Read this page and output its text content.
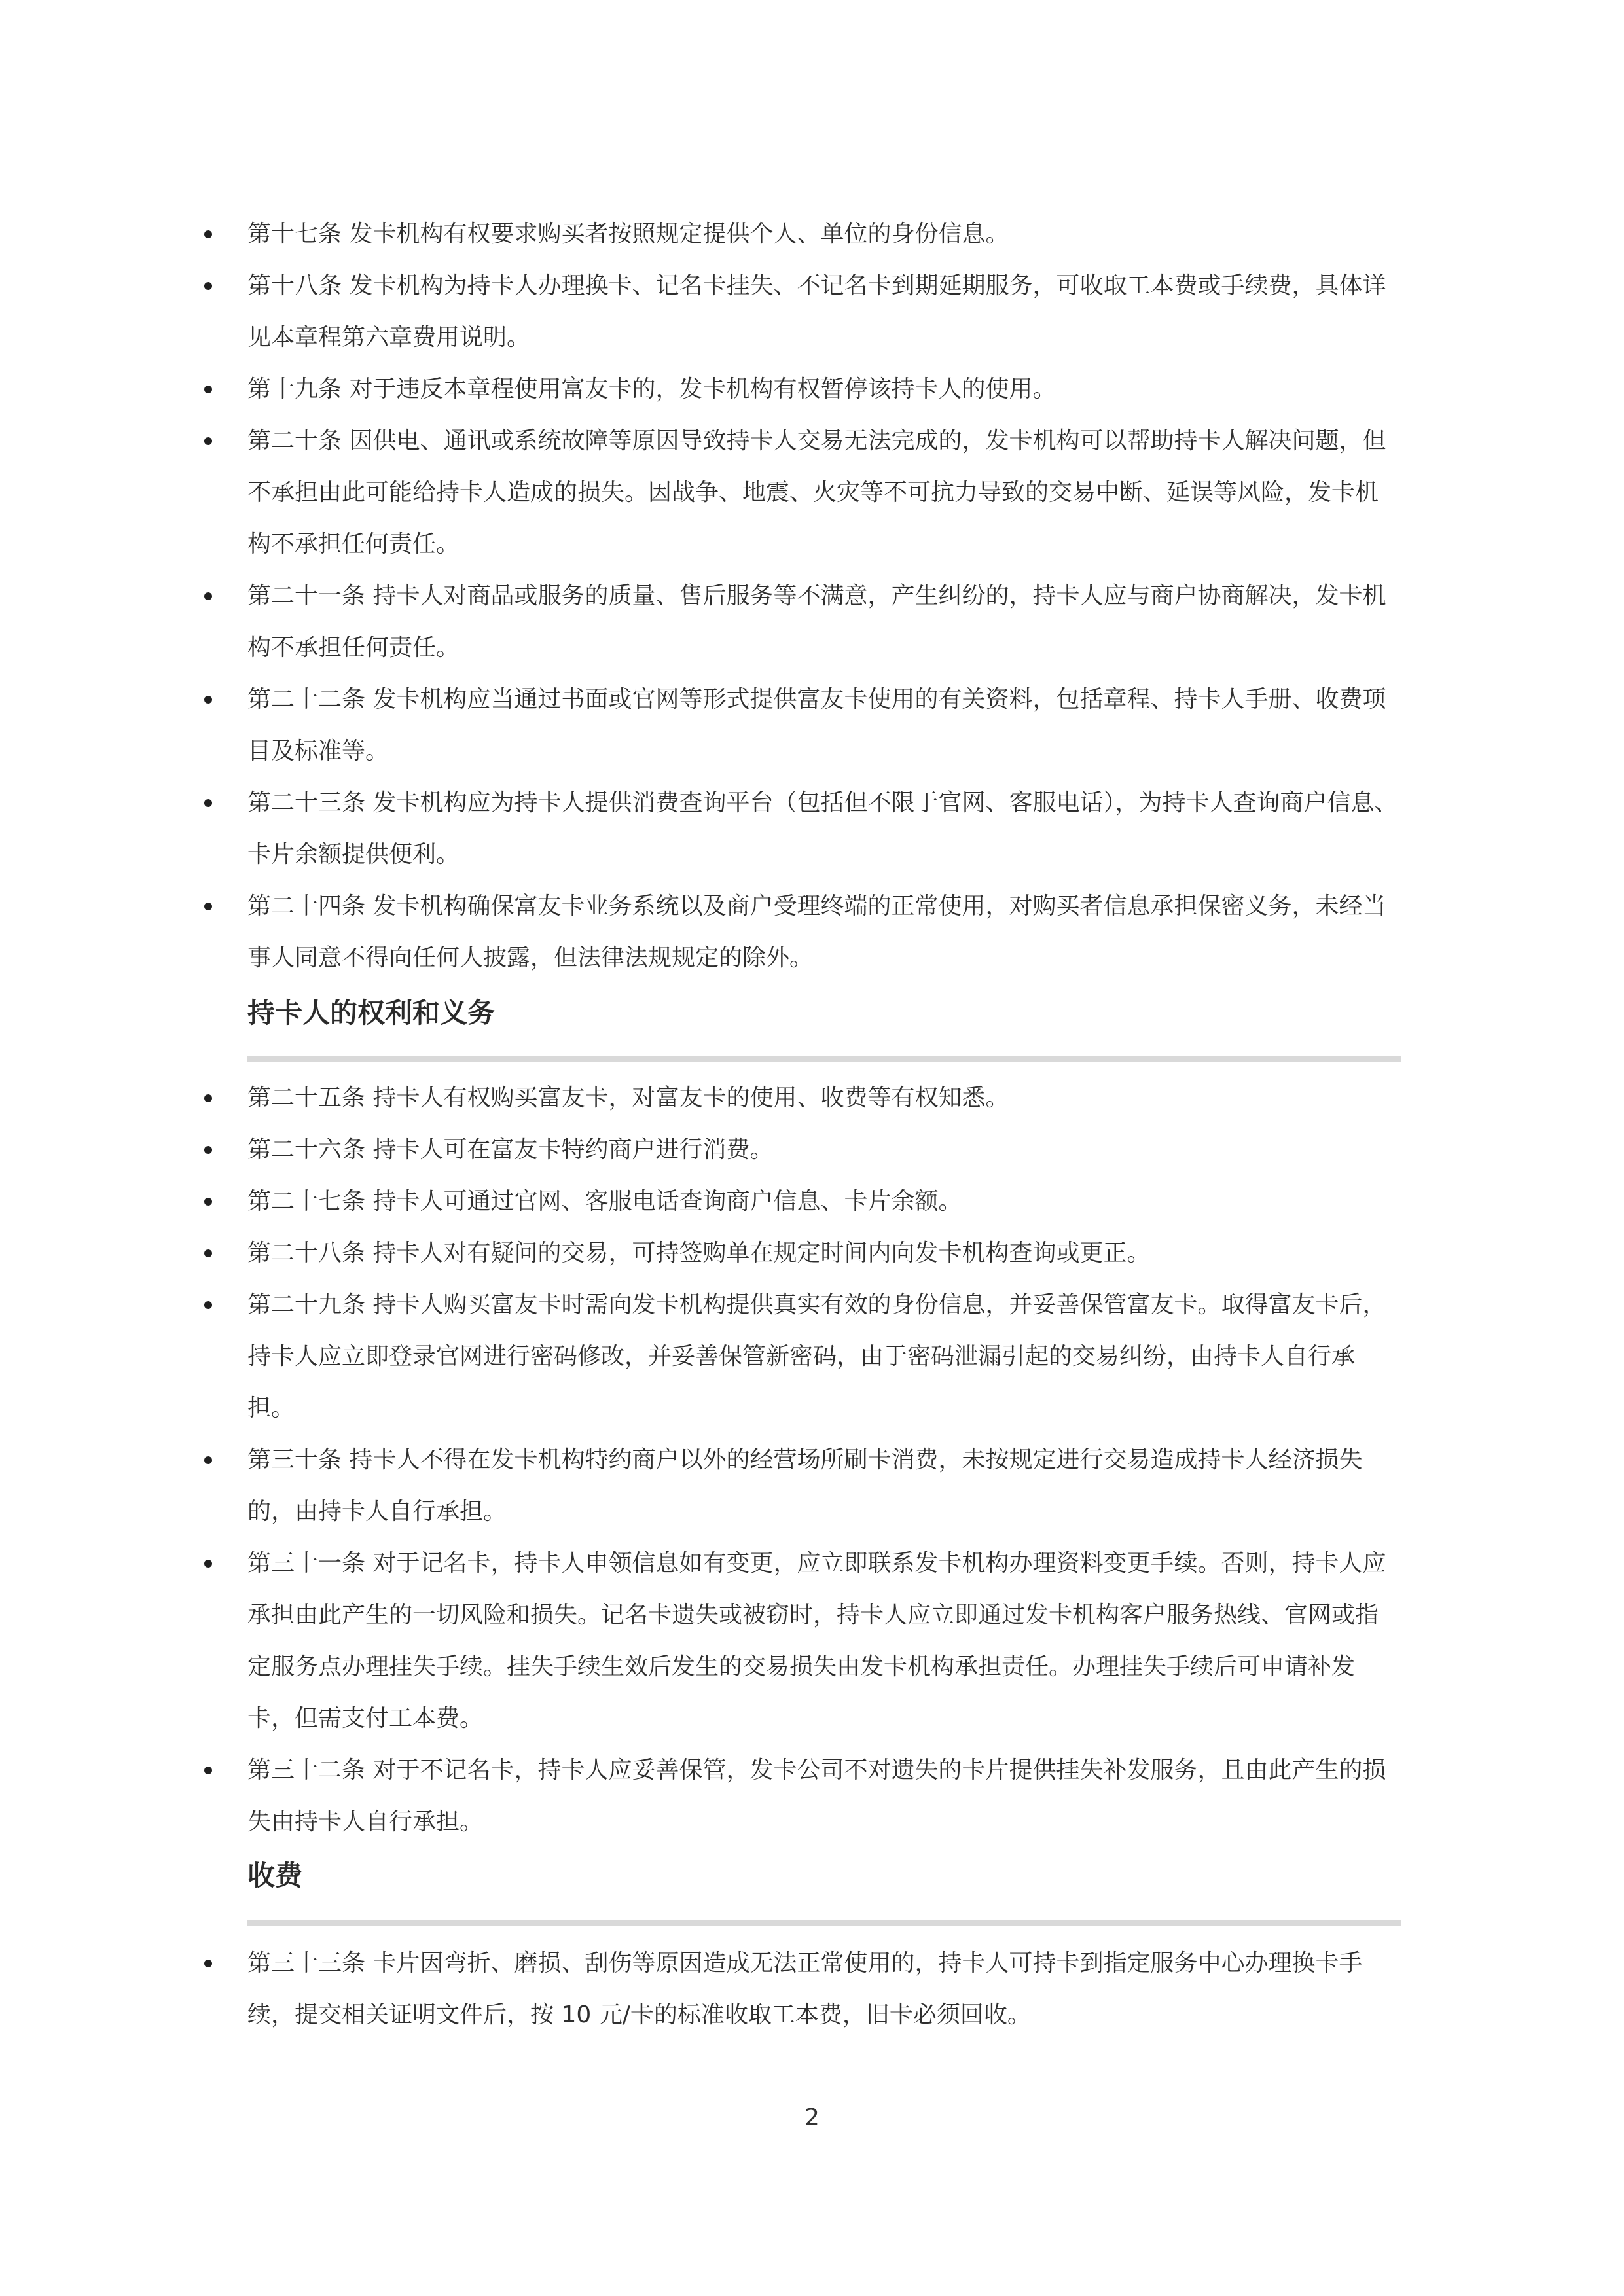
第十七条 发卡机构有权要求购买者按照规定提供个人、单位的身份信息。
第十八条 发卡机构为持卡人办理换卡、记名卡挂失、不记名卡到期延期服务，可收取工本费或手续费，具体详见本章程第六章费用说明。
第十九条 对于违反本章程使用富友卡的，发卡机构有权暂停该持卡人的使用。
第二十条 因供电、通讯或系统故障等原因导致持卡人交易无法完成的，发卡机构可以帮助持卡人解决问题，但不承担由此可能给持卡人造成的损失。因战争、地震、火灾等不可抗力导致的交易中断、延误等风险，发卡机构不承担任何责任。
第二十一条 持卡人对商品或服务的质量、售后服务等不满意，产生纠纷的，持卡人应与商户协商解决，发卡机构不承担任何责任。
第二十二条 发卡机构应当通过书面或官网等形式提供富友卡使用的有关资料，包括章程、持卡人手册、收费项目及标准等。
第二十三条 发卡机构应为持卡人提供消费查询平台（包括但不限于官网、客服电话），为持卡人查询商户信息、卡片余额提供便利。
第二十四条 发卡机构确保富友卡业务系统以及商户受理终端的正常使用，对购买者信息承担保密义务，未经当事人同意不得向任何人披露，但法律法规规定的除外。
持卡人的权利和义务
第二十五条 持卡人有权购买富友卡，对富友卡的使用、收费等有权知悉。
第二十六条 持卡人可在富友卡特约商户进行消费。
第二十七条 持卡人可通过官网、客服电话查询商户信息、卡片余额。
第二十八条 持卡人对有疑问的交易，可持签购单在规定时间内向发卡机构查询或更正。
第二十九条 持卡人购买富友卡时需向发卡机构提供真实有效的身份信息，并妥善保管富友卡。取得富友卡后，持卡人应立即登录官网进行密码修改，并妥善保管新密码，由于密码泄漏引起的交易纠纷，由持卡人自行承担。
第三十条 持卡人不得在发卡机构特约商户以外的经营场所刷卡消费，未按规定进行交易造成持卡人经济损失的，由持卡人自行承担。
第三十一条 对于记名卡，持卡人申领信息如有变更，应立即联系发卡机构办理资料变更手续。否则，持卡人应承担由此产生的一切风险和损失。记名卡遗失或被窃时，持卡人应立即通过发卡机构客户服务热线、官网或指定服务点办理挂失手续。挂失手续生效后发生的交易损失由发卡机构承担责任。办理挂失手续后可申请补发卡，但需支付工本费。
第三十二条 对于不记名卡，持卡人应妥善保管，发卡公司不对遗失的卡片提供挂失补发服务，且由此产生的损失由持卡人自行承担。
收费
第三十三条 卡片因弯折、磨损、刮伤等原因造成无法正常使用的，持卡人可持卡到指定服务中心办理换卡手续，提交相关证明文件后，按 10 元/卡的标准收取工本费，旧卡必须回收。
2
